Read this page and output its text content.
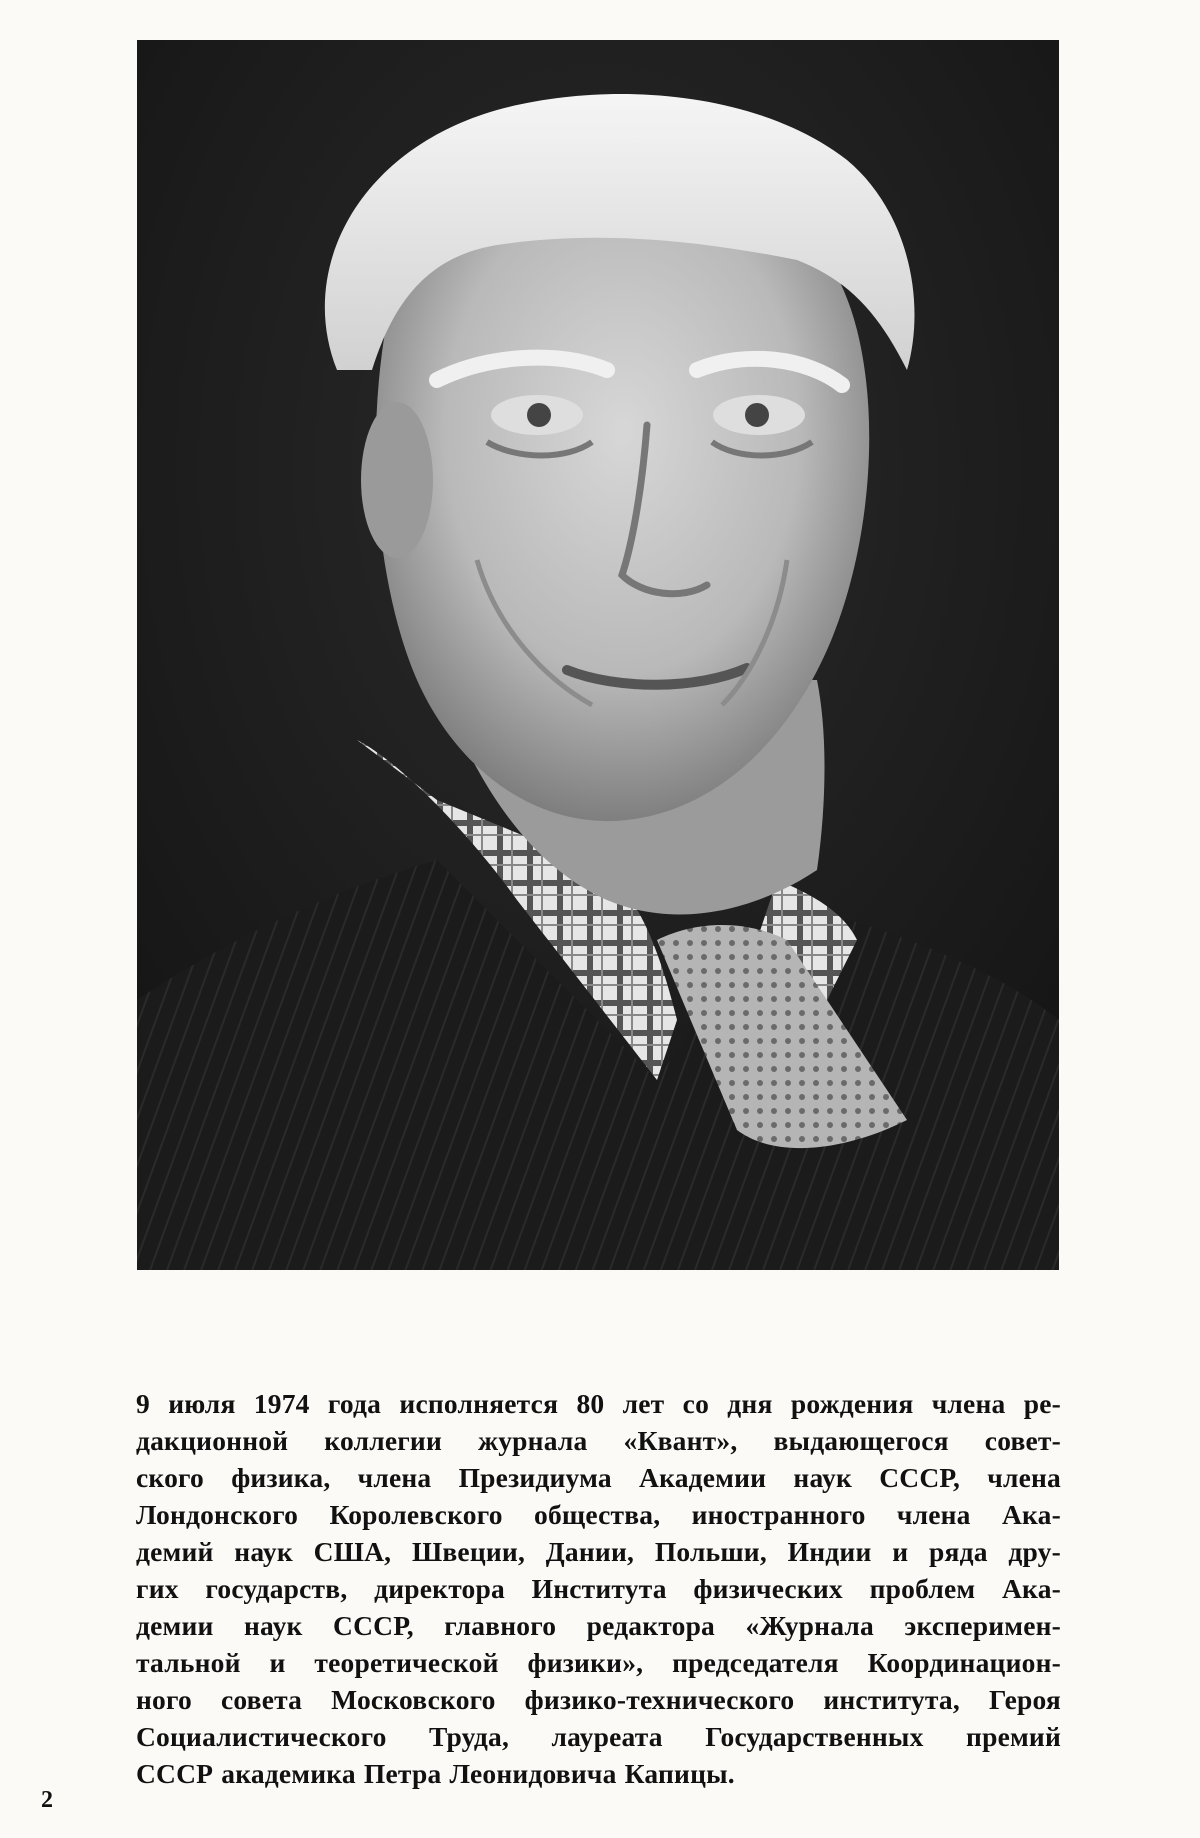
9 июля 1974 года исполняется 80 лет со дня рождения члена ре-
дакционной коллегии журнала «Квант», выдающегося совет-
ского физика, члена Президиума Академии наук СССР, члена
Лондонского Королевского общества, иностранного члена Ака-
демий наук США, Швеции, Дании, Польши, Индии и ряда дру-
гих государств, директора Института физических проблем Ака-
демии наук СССР, главного редактора «Журнала эксперимен-
тальной и теоретической физики», председателя Координацион-
ного совета Московского физико-технического института, Героя
Социалистического Труда, лауреата Государственных премий
СССР академика Петра Леонидовича Капицы.

2
